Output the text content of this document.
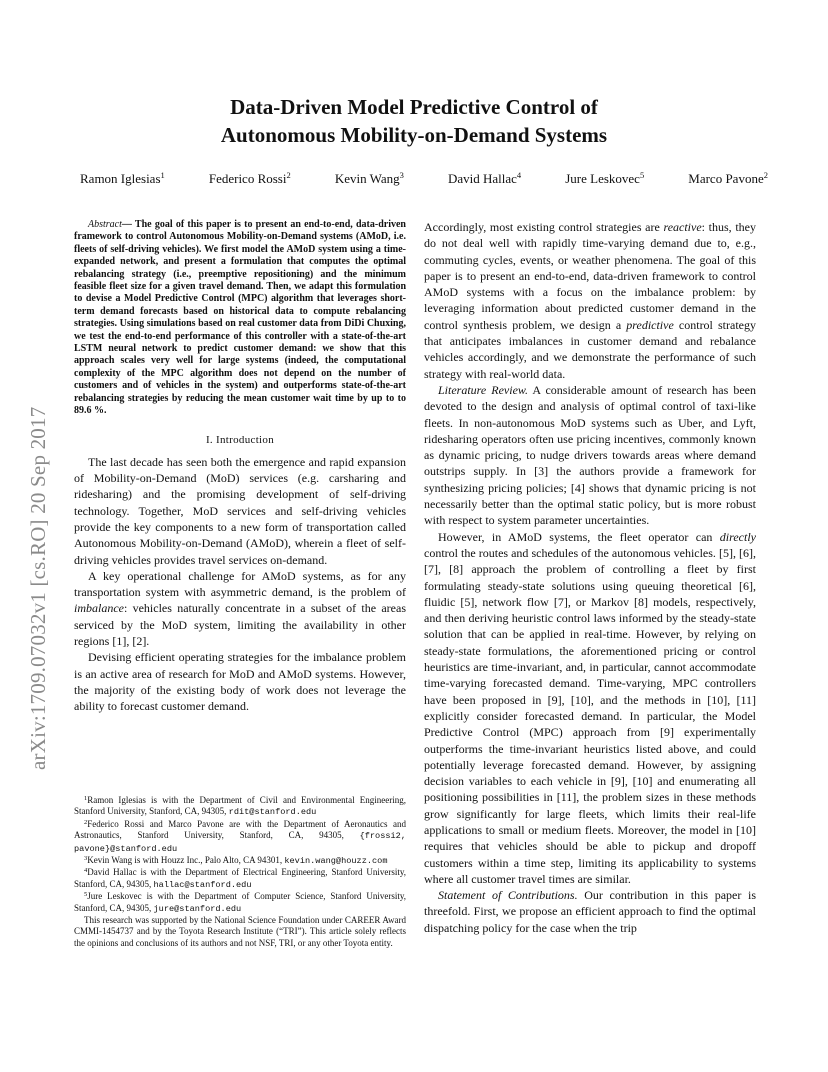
arXiv:1709.07032v1 [cs.RO] 20 Sep 2017
Data-Driven Model Predictive Control of
Autonomous Mobility-on-Demand Systems
Ramon Iglesias$^1$	Federico Rossi$^2$	Kevin Wang$^3$	David Hallac$^4$	Jure Leskovec$^5$	Marco Pavone$^2$

Abstract— The goal of this paper is to present an end-to-end, data-driven framework to control Autonomous Mobility-on-Demand systems (AMoD, i.e. fleets of self-driving vehicles). We first model the AMoD system using a time-expanded network, and present a formulation that computes the optimal rebalancing strategy (i.e., preemptive repositioning) and the minimum feasible fleet size for a given travel demand. Then, we adapt this formulation to devise a Model Predictive Control (MPC) algorithm that leverages short-term demand forecasts based on historical data to compute rebalancing strategies. Using simulations based on real customer data from DiDi Chuxing, we test the end-to-end performance of this controller with a state-of-the-art LSTM neural network to predict customer demand: we show that this approach scales very well for large systems (indeed, the computational complexity of the MPC algorithm does not depend on the number of customers and of vehicles in the system) and outperforms state-of-the-art rebalancing strategies by reducing the mean customer wait time by up to to 89.6 %.

I. Introduction

The last decade has seen both the emergence and rapid expansion of Mobility-on-Demand (MoD) services (e.g. carsharing and ridesharing) and the promising development of self-driving technology. Together, MoD services and self-driving vehicles provide the key components to a new form of transportation called Autonomous Mobility-on-Demand (AMoD), wherein a fleet of self-driving vehicles provides travel services on-demand.

A key operational challenge for AMoD systems, as for any transportation system with asymmetric demand, is the problem of imbalance: vehicles naturally concentrate in a subset of the areas serviced by the MoD system, limiting the availability in other regions [1], [2].

Devising efficient operating strategies for the imbalance problem is an active area of research for MoD and AMoD systems. However, the majority of the existing body of work does not leverage the ability to forecast customer demand.

$^1$Ramon Iglesias is with the Department of Civil and Environmental Engineering, Stanford University, Stanford, CA, 94305, rdit@stanford.edu

$^2$Federico Rossi and Marco Pavone are with the Department of Aeronautics and Astronautics, Stanford University, Stanford, CA, 94305, {frossi2, pavone}@stanford.edu

$^3$Kevin Wang is with Houzz Inc., Palo Alto, CA 94301, kevin.wang@houzz.com

$^4$David Hallac is with the Department of Electrical Engineering, Stanford University, Stanford, CA, 94305, hallac@stanford.edu

$^5$Jure Leskovec is with the Department of Computer Science, Stanford University, Stanford, CA, 94305, jure@stanford.edu

This research was supported by the National Science Foundation under CAREER Award CMMI-1454737 and by the Toyota Research Institute (“TRI”). This article solely reflects the opinions and conclusions of its authors and not NSF, TRI, or any other Toyota entity.

Accordingly, most existing control strategies are reactive: thus, they do not deal well with rapidly time-varying demand due to, e.g., commuting cycles, events, or weather phenomena. The goal of this paper is to present an end-to-end, data-driven framework to control AMoD systems with a focus on the imbalance problem: by leveraging information about predicted customer demand in the control synthesis problem, we design a predictive control strategy that anticipates imbalances in customer demand and rebalance vehicles accordingly, and we demonstrate the performance of such strategy with real-world data.

Literature Review. A considerable amount of research has been devoted to the design and analysis of optimal control of taxi-like fleets. In non-autonomous MoD systems such as Uber, and Lyft, ridesharing operators often use pricing incentives, commonly known as dynamic pricing, to nudge drivers towards areas where demand outstrips supply. In [3] the authors provide a framework for synthesizing pricing policies; [4] shows that dynamic pricing is not necessarily better than the optimal static policy, but is more robust with respect to system parameter uncertainties.

However, in AMoD systems, the fleet operator can directly control the routes and schedules of the autonomous vehicles. [5], [6], [7], [8] approach the problem of controlling a fleet by first formulating steady-state solutions using queuing theoretical [6], fluidic [5], network flow [7], or Markov [8] models, respectively, and then deriving heuristic control laws informed by the steady-state solution that can be applied in real-time. However, by relying on steady-state formulations, the aforementioned pricing or control heuristics are time-invariant, and, in particular, cannot accommodate time-varying forecasted demand. Time-varying, MPC controllers have been proposed in [9], [10], and the methods in [10], [11] explicitly consider forecasted demand. In particular, the Model Predictive Control (MPC) approach from [9] experimentally outperforms the time-invariant heuristics listed above, and could potentially leverage forecasted demand. However, by assigning decision variables to each vehicle in [9], [10] and enumerating all positioning possibilities in [11], the problem sizes in these methods grow significantly for large fleets, which limits their real-life applications to small or medium fleets. Moreover, the model in [10] requires that vehicles should be able to pickup and dropoff customers within a time step, limiting its applicability to systems where all customer travel times are similar.

Statement of Contributions. Our contribution in this paper is threefold. First, we propose an efficient approach to find the optimal dispatching policy for the case when the trip
